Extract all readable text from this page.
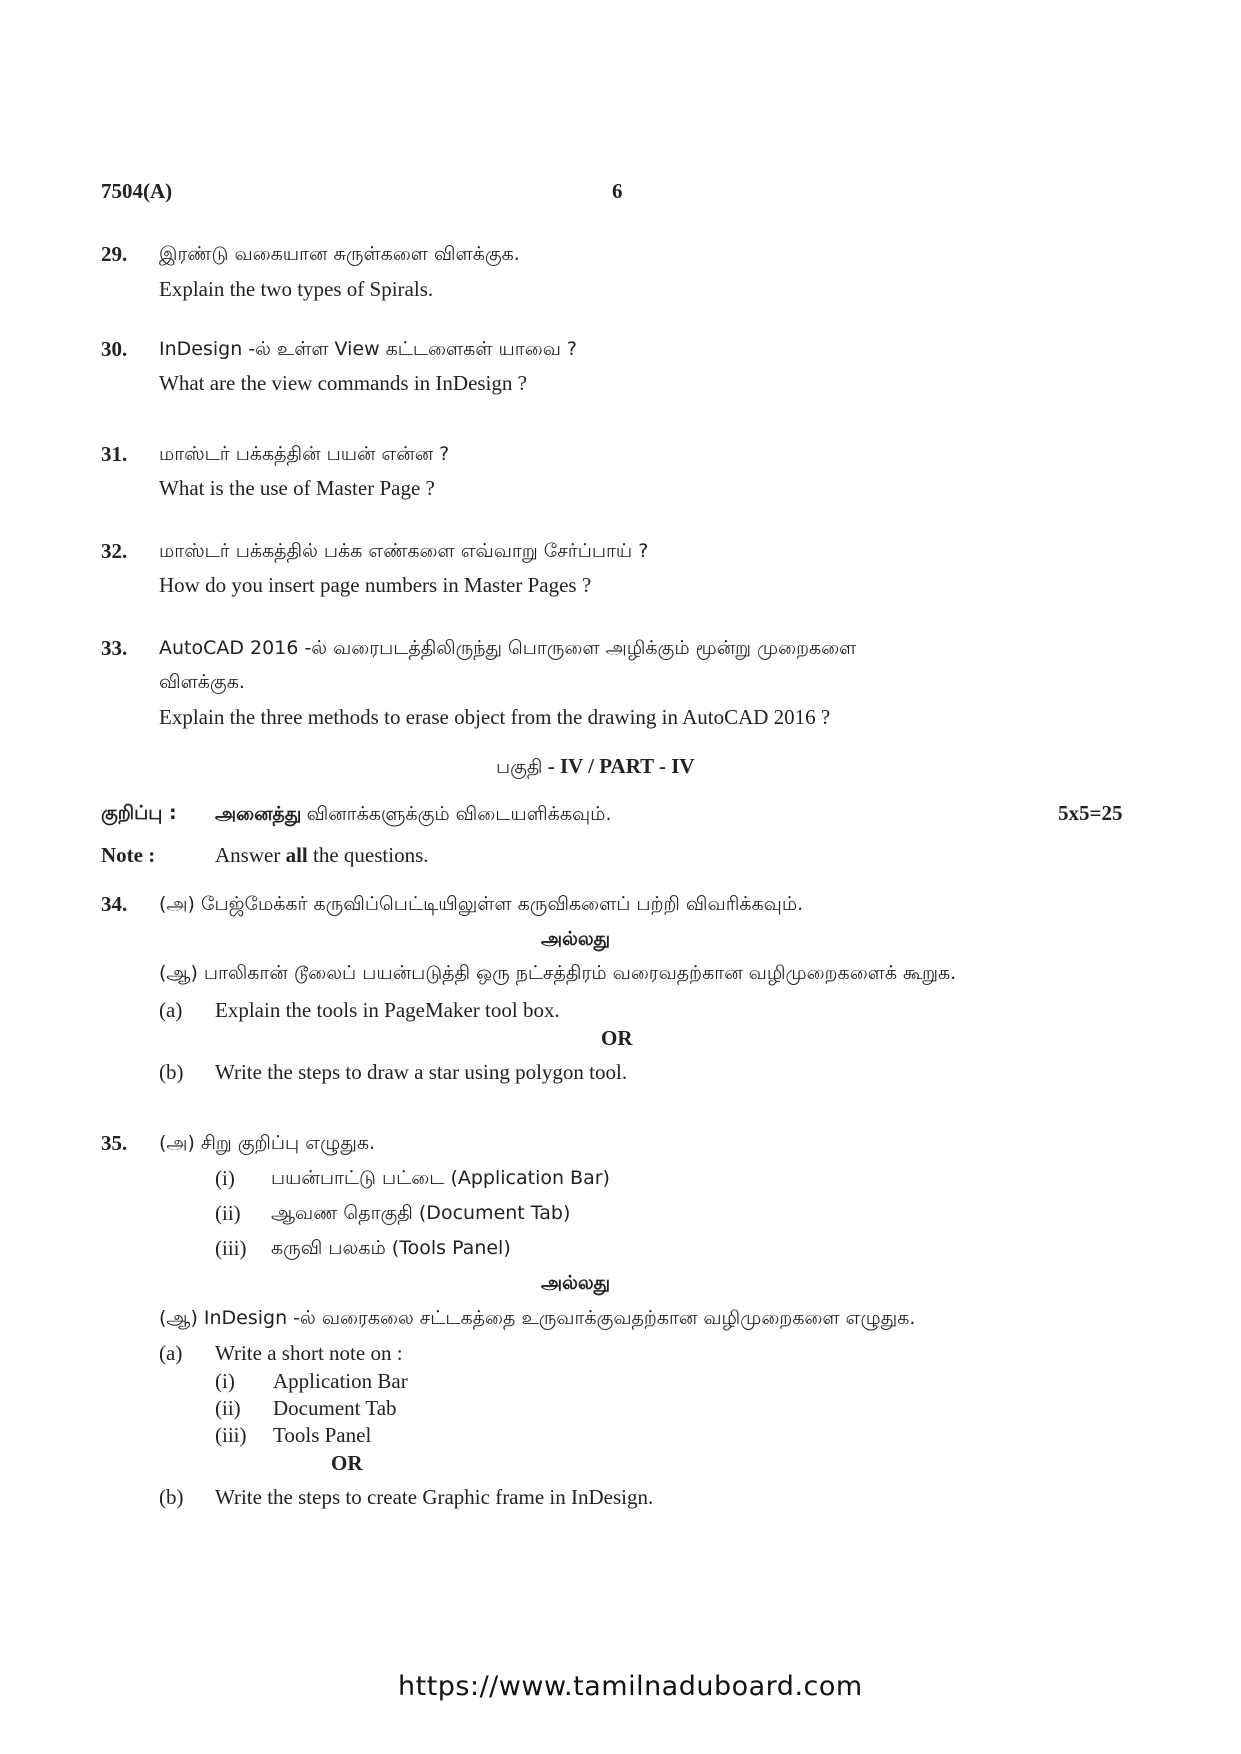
7504(A)	6
29. இரண்டு வகையான சுருள்களை விளக்குக.
Explain the two types of Spirals.
30. InDesign -ல் உள்ள View கட்டளைகள் யாவை ?
What are the view commands in InDesign ?
31. மாஸ்டர் பக்கத்தின் பயன் என்ன ?
What is the use of Master Page ?
32. மாஸ்டர் பக்கத்தில் பக்க எண்களை எவ்வாறு சேர்ப்பாய் ?
How do you insert page numbers in Master Pages ?
33. AutoCAD 2016 -ல் வரைபடத்திலிருந்து பொருளை அழிக்கும் மூன்று முறைகளை
விளக்குக.
Explain the three methods to erase object from the drawing in AutoCAD 2016 ?
பகுதி - IV / PART - IV
குறிப்பு : அனைத்து வினாக்களுக்கும் விடையளிக்கவும்.	5x5=25
Note :	Answer all the questions.
34. (அ) பேஜ்மேக்கர் கருவிப்பெட்டியிலுள்ள கருவிகளைப் பற்றி விவரிக்கவும்.
அல்லது
(ஆ) பாலிகான் டூலைப் பயன்படுத்தி ஒரு நட்சத்திரம் வரைவதற்கான வழிமுறைகளைக் கூறுக.
(a) Explain the tools in PageMaker tool box.
OR
(b) Write the steps to draw a star using polygon tool.
35. (அ) சிறு குறிப்பு எழுதுக.
(i) பயன்பாட்டு பட்டை (Application Bar)
(ii) ஆவண தொகுதி (Document Tab)
(iii) கருவி பலகம் (Tools Panel)
அல்லது
(ஆ) InDesign -ல் வரைகலை சட்டகத்தை உருவாக்குவதற்கான வழிமுறைகளை எழுதுக.
(a) Write a short note on :
(i) Application Bar
(ii) Document Tab
(iii) Tools Panel
OR
(b) Write the steps to create Graphic frame in InDesign.
https://www.tamilnaduboard.com
